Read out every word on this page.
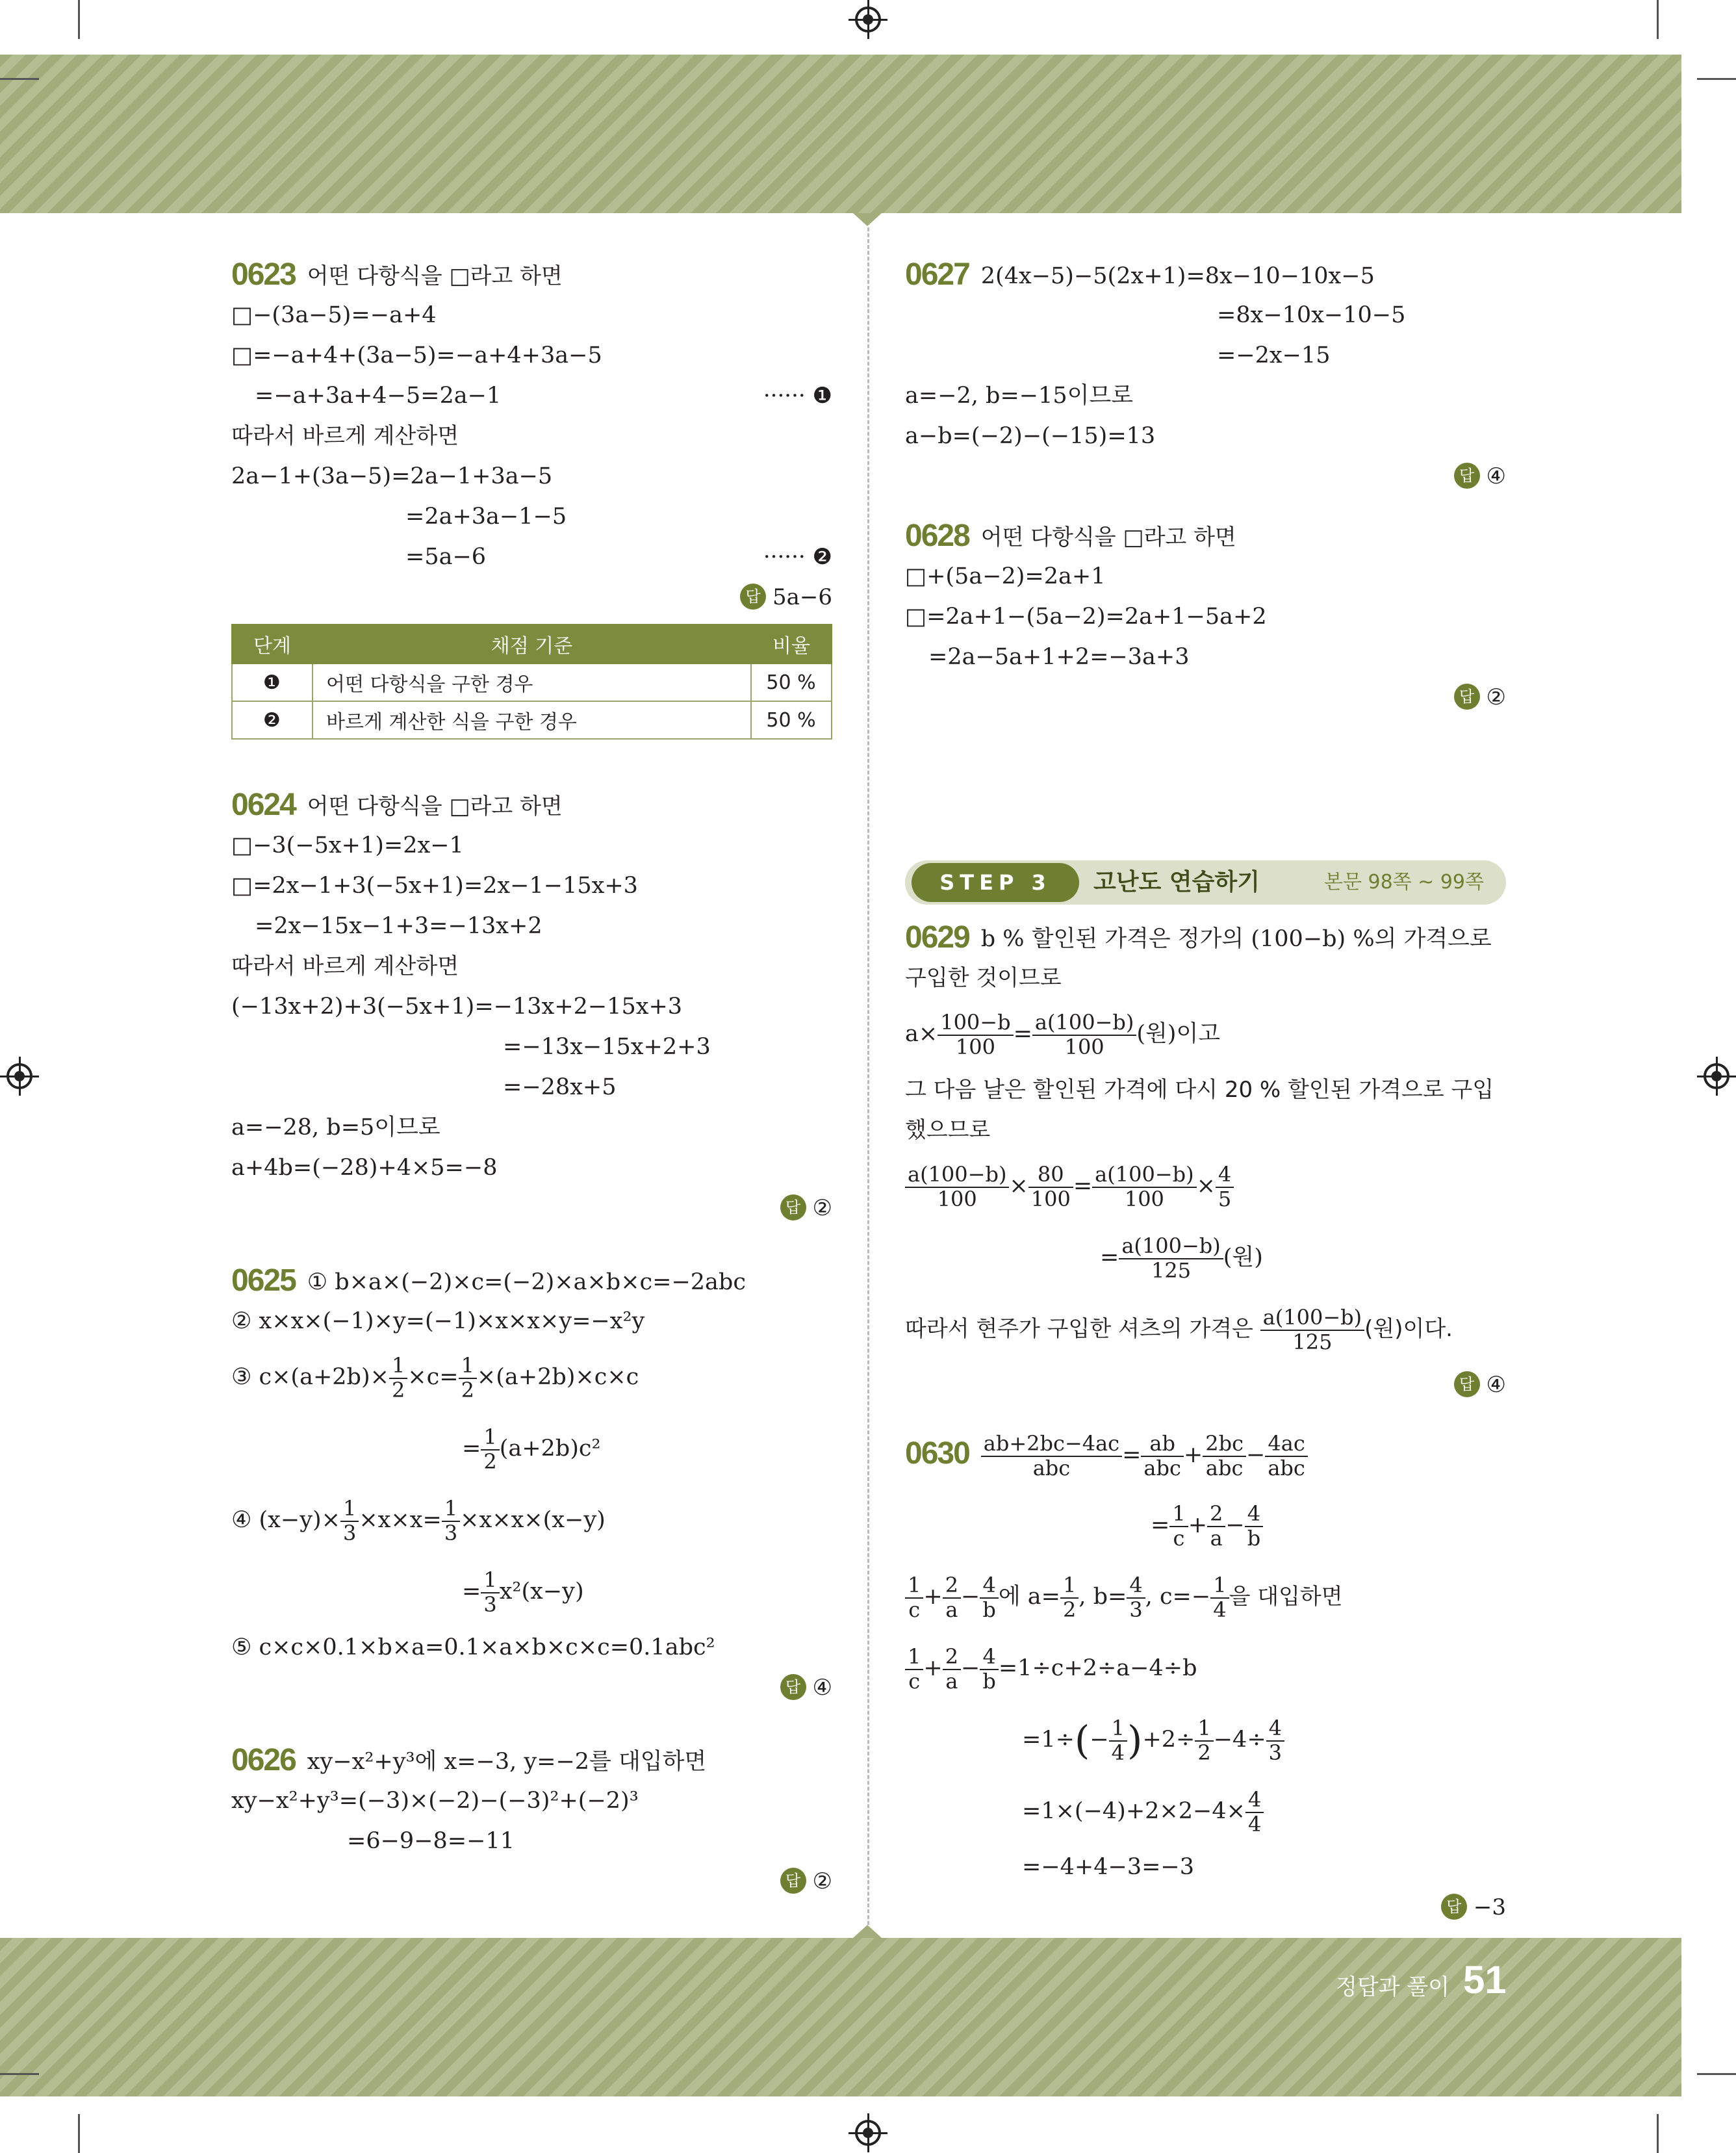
0623 어떤 다항식을 □라고 하면
□−(3a−5)=−a+4
□=−a+4+(3a−5)=−a+4+3a−5
=−a+3a+4−5=2a−1	······ ❶
따라서 바르게 계산하면
2a−1+(3a−5)=2a−1+3a−5
=2a+3a−1−5
=5a−6	······ ❷
답 5a−6
단계	채점 기준	비율
❶	어떤 다항식을 구한 경우	50 %
❷	바르게 계산한 식을 구한 경우	50 %
0624 어떤 다항식을 □라고 하면
□−3(−5x+1)=2x−1
□=2x−1+3(−5x+1)=2x−1−15x+3
=2x−15x−1+3=−13x+2
따라서 바르게 계산하면
(−13x+2)+3(−5x+1)=−13x+2−15x+3
=−13x−15x+2+3
=−28x+5
a=−28, b=5이므로
a+4b=(−28)+4×5=−8
답 ②
0625 ① b×a×(−2)×c=(−2)×a×b×c=−2abc
② x×x×(−1)×y=(−1)×x×x×y=−x²y
③ $c\times(a+2b)\times \frac{1}{2} \times c= \frac{1}{2} \times(a+2b)\times c\times c$
= $\frac{1}{2} (a+2b)c^2$
④ $(x-y)\times \frac{1}{3} \times x\times x= \frac{1}{3} \times x\times x\times(x-y)$
= $\frac{1}{3} x^2(x-y)$
⑤ c×c×0.1×b×a=0.1×a×b×c×c=0.1abc²
답 ④
0626 xy−x²+y³에 x=−3, y=−2를 대입하면
xy−x²+y³=(−3)×(−2)−(−3)²+(−2)³
=6−9−8=−11
답 ②
0627 2(4x−5)−5(2x+1)=8x−10−10x−5
=8x−10x−10−5
=−2x−15
a=−2, b=−15이므로
a−b=(−2)−(−15)=13
답 ④
0628 어떤 다항식을 □라고 하면
□+(5a−2)=2a+1
□=2a+1−(5a−2)=2a+1−5a+2
=2a−5a+1+2=−3a+3
답 ②
STEP 3	고난도 연습하기	본문 98쪽 ~ 99쪽
0629 b % 할인된 가격은 정가의 (100−b) %의 가격으로
구입한 것이므로
$a\times \frac{100-b}{100} = \frac{a(100-b)}{100}$ (원)이고
그 다음 날은 할인된 가격에 다시 20 % 할인된 가격으로 구입
했으므로
$\frac{a(100-b)}{100} \times \frac{80}{100} = \frac{a(100-b)}{100} \times \frac{4}{5}$
= $\frac{a(100-b)}{125}$ (원)
따라서 현주가 구입한 셔츠의 가격은 $\frac{a(100-b)}{125}$ (원)이다.
답 ④
$0630 \frac{ab+2bc-4ac}{\text{abc}} = \frac{ab}{\text{abc}} + \frac{2bc}{\text{abc}} - \frac{4ac}{\text{abc}}$
= $\frac{1}{c} + \frac{2}{a} - \frac{4}{b}$
$\frac{1}{c} + \frac{2}{a} - \frac{4}{b}$ 에 $a= \frac{1}{2}$ , $b= \frac{4}{3}$ , $c=- \frac{1}{4}$ 을 대입하면
$\frac{1}{c} + \frac{2}{a} - \frac{4}{b} =1\div c+2\div a-4\div b$
$=1\div(- \frac{1}{4} )+2\div \frac{1}{2} -4\div \frac{4}{3}$
$=1\times(-4)+2\times 2-4\times \frac{4}{4}$
=−4+4−3=−3
답 −3
정답과 풀이 51
